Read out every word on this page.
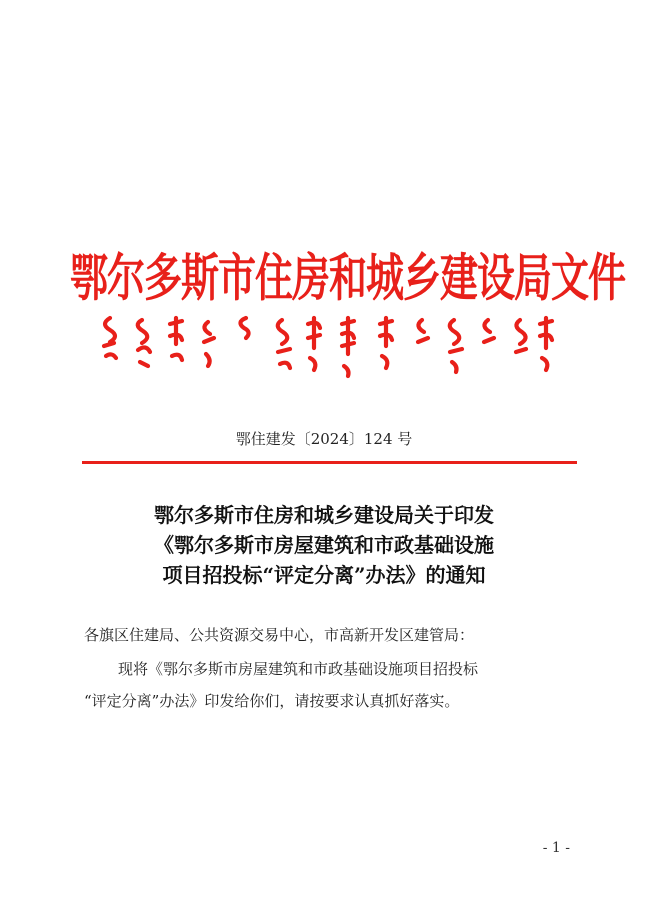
鄂尔多斯市住房和城乡建设局文件
鄂住建发〔2024〕124 号
鄂尔多斯市住房和城乡建设局关于印发
《鄂尔多斯市房屋建筑和市政基础设施
项目招投标“评定分离”办法》的通知
各旗区住建局、公共资源交易中心，市高新开发区建管局：
现将《鄂尔多斯市房屋建筑和市政基础设施项目招投标
“评定分离”办法》印发给你们，请按要求认真抓好落实。
- 1 -
